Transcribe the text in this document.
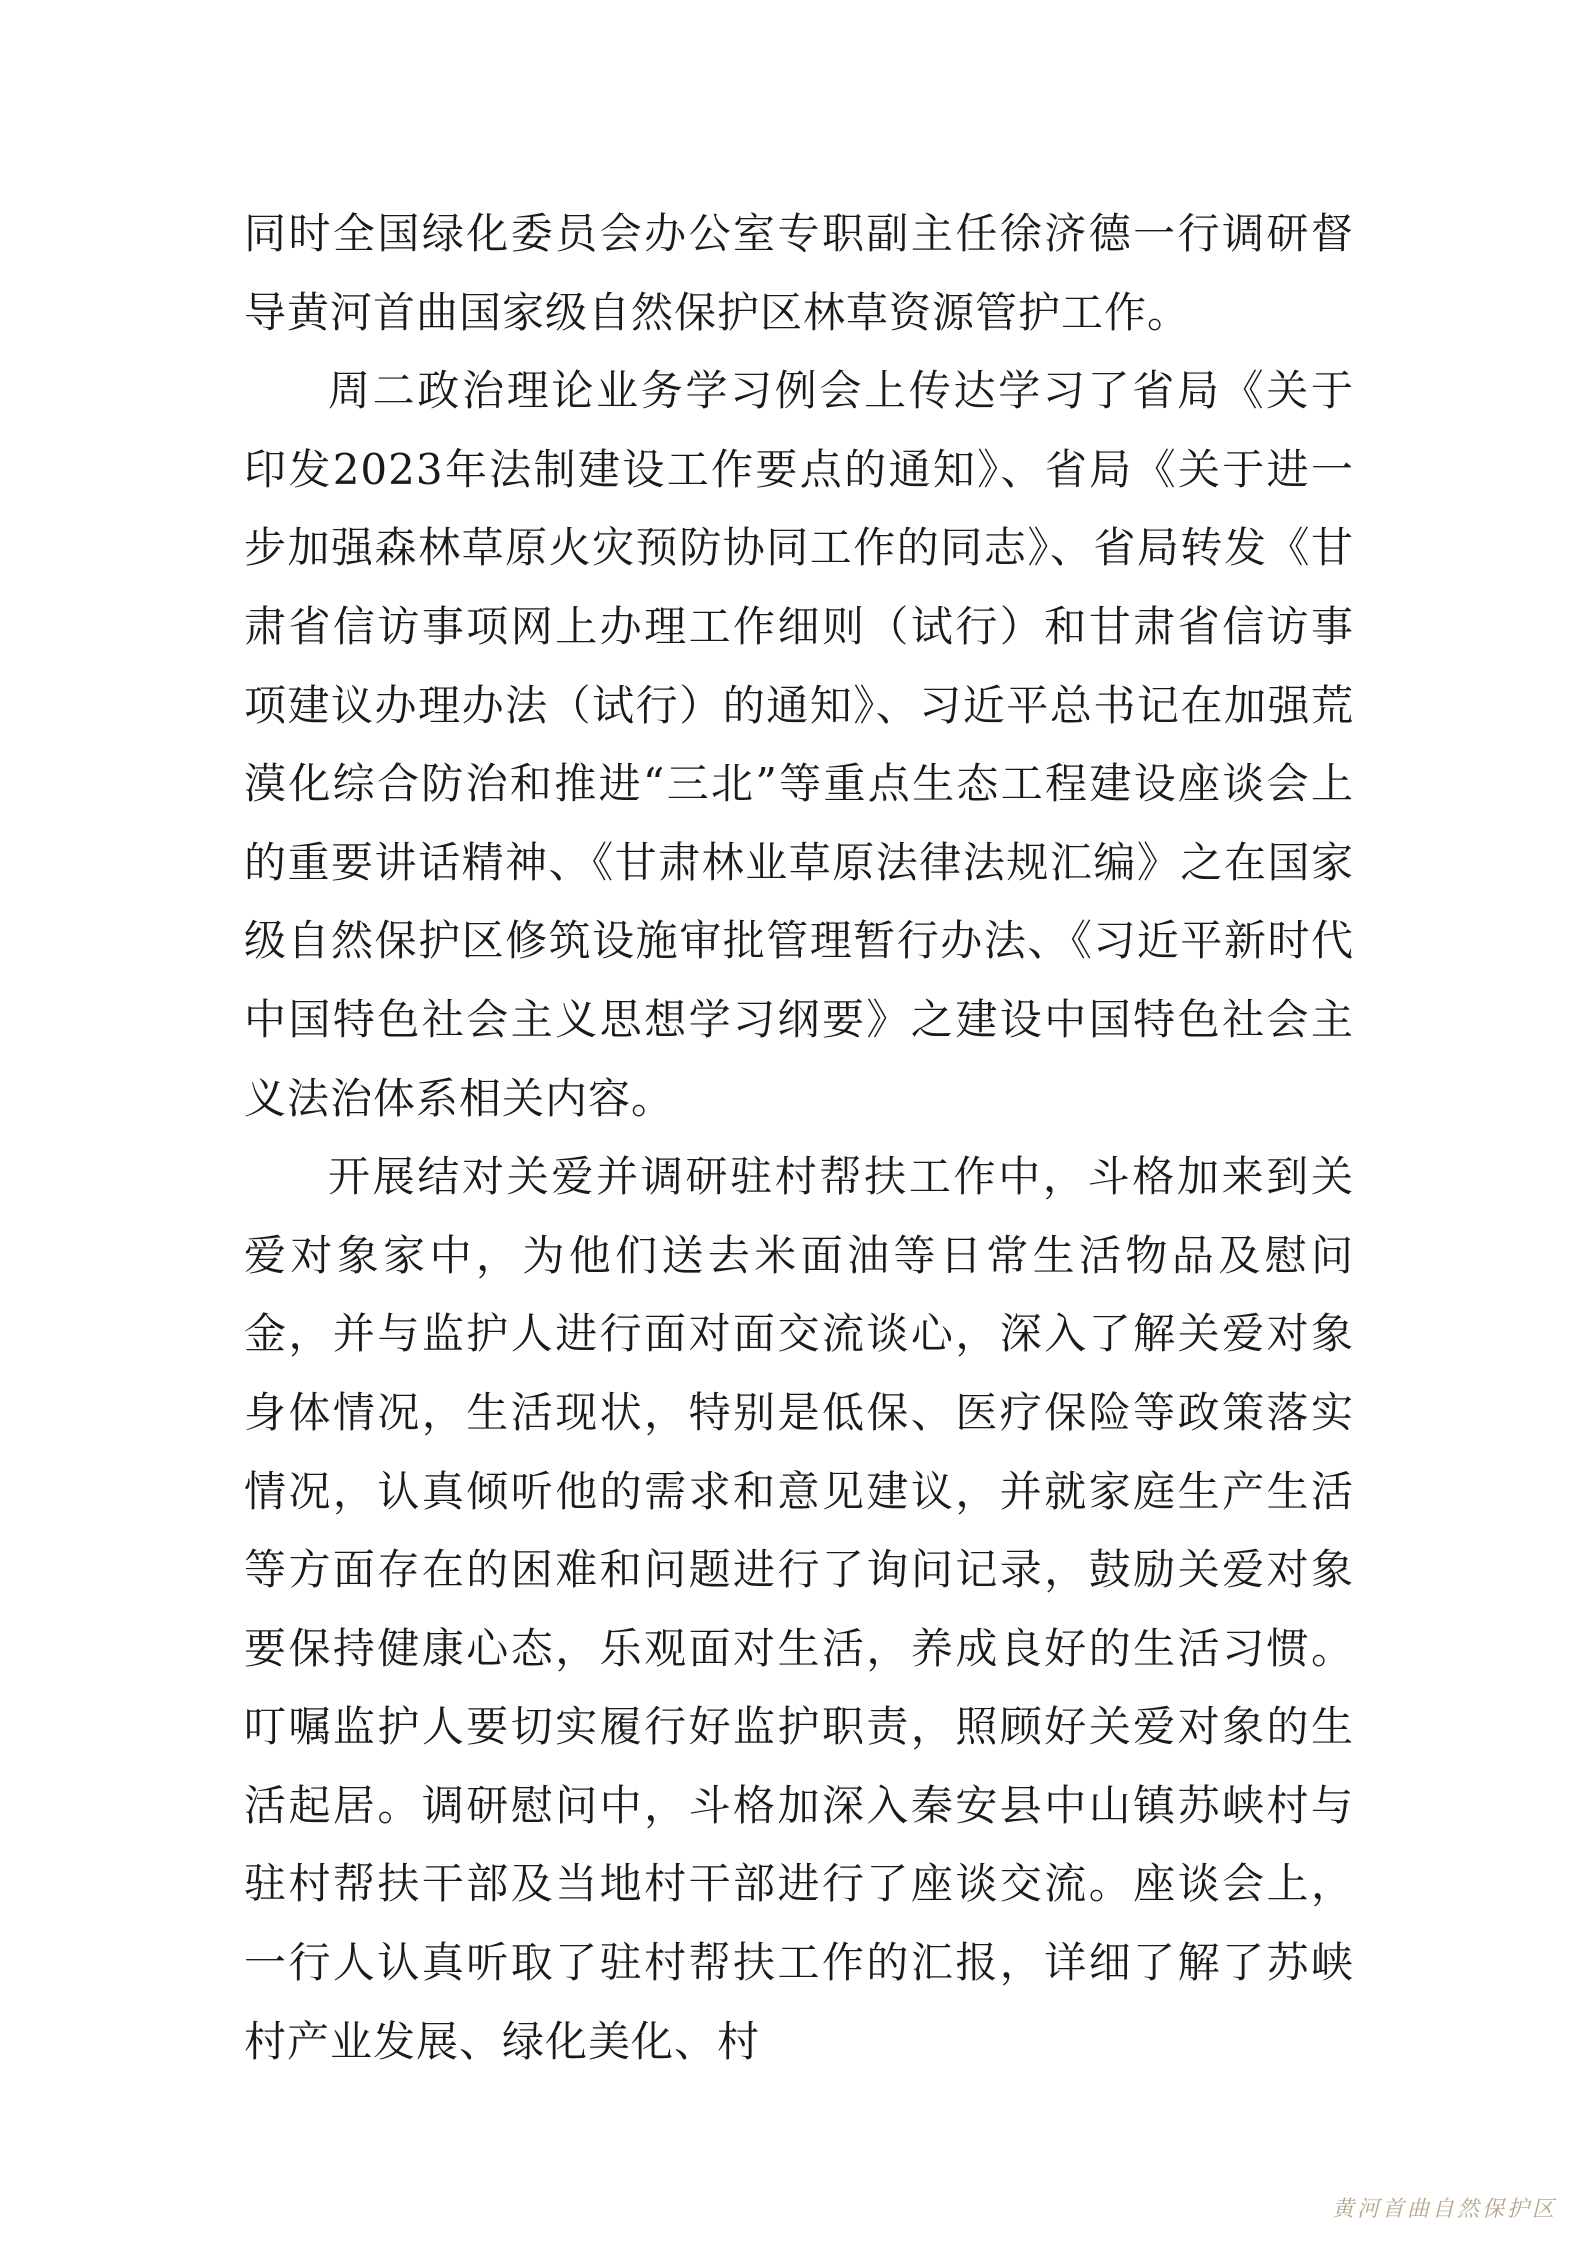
同时全国绿化委员会办公室专职副主任徐济德一行调研督导黄河首曲国家级自然保护区林草资源管护工作。

周二政治理论业务学习例会上传达学习了省局《关于印发2023年法制建设工作要点的通知》、省局《关于进一步加强森林草原火灾预防协同工作的同志》、省局转发《甘肃省信访事项网上办理工作细则（试行）和甘肃省信访事项建议办理办法（试行）的通知》、习近平总书记在加强荒漠化综合防治和推进“三北”等重点生态工程建设座谈会上的重要讲话精神、《甘肃林业草原法律法规汇编》之在国家级自然保护区修筑设施审批管理暂行办法、《习近平新时代中国特色社会主义思想学习纲要》之建设中国特色社会主义法治体系相关内容。

开展结对关爱并调研驻村帮扶工作中，斗格加来到关爱对象家中，为他们送去米面油等日常生活物品及慰问金，并与监护人进行面对面交流谈心，深入了解关爱对象身体情况，生活现状，特别是低保、医疗保险等政策落实情况，认真倾听他的需求和意见建议，并就家庭生产生活等方面存在的困难和问题进行了询问记录，鼓励关爱对象要保持健康心态，乐观面对生活，养成良好的生活习惯。叮嘱监护人要切实履行好监护职责，照顾好关爱对象的生活起居。调研慰问中，斗格加深入秦安县中山镇苏峡村与驻村帮扶干部及当地村干部进行了座谈交流。座谈会上，一行人认真听取了驻村帮扶工作的汇报，详细了解了苏峡村产业发展、绿化美化、村

黄河首曲自然保护区
